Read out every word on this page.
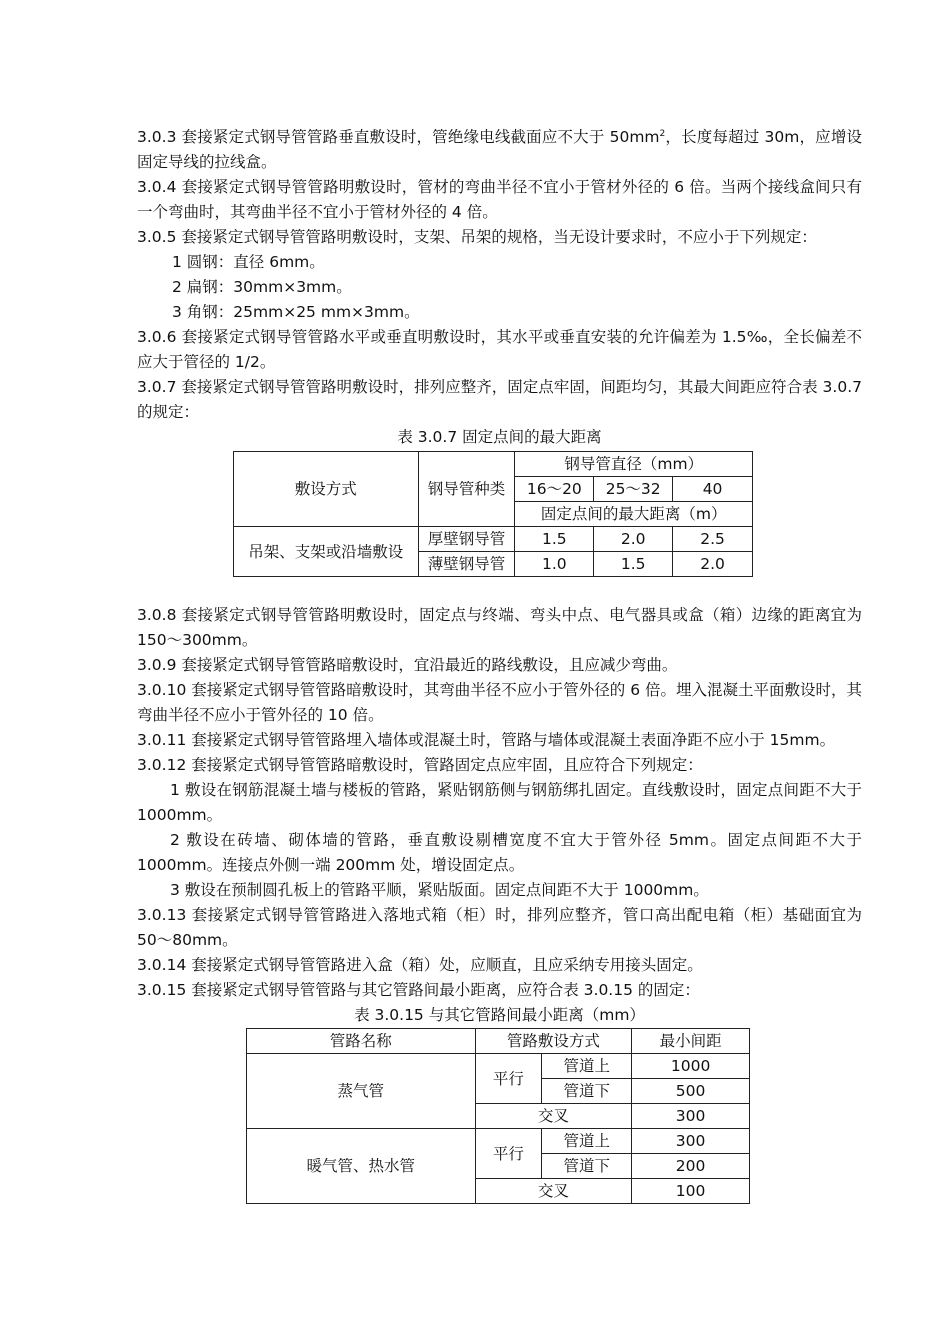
3.0.3 套接紧定式钢导管管路垂直敷设时，管绝缘电线截面应不大于 $50mm^2$，长度每超过 30m，应增设固定导线的拉线盒。

3.0.4 套接紧定式钢导管管路明敷设时，管材的弯曲半径不宜小于管材外径的 6 倍。当两个接线盒间只有一个弯曲时，其弯曲半径不宜小于管材外径的 4 倍。

3.0.5 套接紧定式钢导管管路明敷设时，支架、吊架的规格，当无设计要求时，不应小于下列规定：

1 圆钢：直径 6mm。

2 扁钢：30mm×3mm。

3 角钢：25mm×25 mm×3mm。

3.0.6 套接紧定式钢导管管路水平或垂直明敷设时，其水平或垂直安装的允许偏差为 1.5‰，全长偏差不应大于管径的 1/2。

3.0.7 套接紧定式钢导管管路明敷设时，排列应整齐，固定点牢固，间距均匀，其最大间距应符合表 3.0.7 的规定：

表 3.0.7 固定点间的最大距离

敷设方式	钢导管种类	钢导管直径（mm）		
		16～20	25～32	40
		固定点间的最大距离（m）		
吊架、支架或沿墙敷设	厚壁钢导管	1.5	2.0	2.5
	薄壁钢导管	1.0	1.5	2.0

3.0.8 套接紧定式钢导管管路明敷设时，固定点与终端、弯头中点、电气器具或盒（箱）边缘的距离宜为 150～300mm。

3.0.9 套接紧定式钢导管管路暗敷设时，宜沿最近的路线敷设，且应减少弯曲。

3.0.10 套接紧定式钢导管管路暗敷设时，其弯曲半径不应小于管外径的 6 倍。埋入混凝土平面敷设时，其弯曲半径不应小于管外径的 10 倍。

3.0.11 套接紧定式钢导管管路埋入墙体或混凝土时，管路与墙体或混凝土表面净距不应小于 15mm。

3.0.12 套接紧定式钢导管管路暗敷设时，管路固定点应牢固，且应符合下列规定：

1 敷设在钢筋混凝土墙与楼板的管路，紧贴钢筋侧与钢筋绑扎固定。直线敷设时，固定点间距不大于 1000mm。

2 敷设在砖墙、砌体墙的管路，垂直敷设剔槽宽度不宜大于管外径 5mm。固定点间距不大于 1000mm。连接点外侧一端 200mm 处，增设固定点。

3 敷设在预制圆孔板上的管路平顺，紧贴版面。固定点间距不大于 1000mm。

3.0.13 套接紧定式钢导管管路进入落地式箱（柜）时，排列应整齐，管口高出配电箱（柜）基础面宜为 50～80mm。

3.0.14 套接紧定式钢导管管路进入盒（箱）处，应顺直，且应采纳专用接头固定。

3.0.15 套接紧定式钢导管管路与其它管路间最小距离，应符合表 3.0.15 的固定：

表 3.0.15 与其它管路间最小距离（mm）

管路名称	管路敷设方式		最小间距
蒸气管	平行	管道上	1000
		管道下	500
	交叉		300
暖气管、热水管	平行	管道上	300
		管道下	200
	交叉		100
